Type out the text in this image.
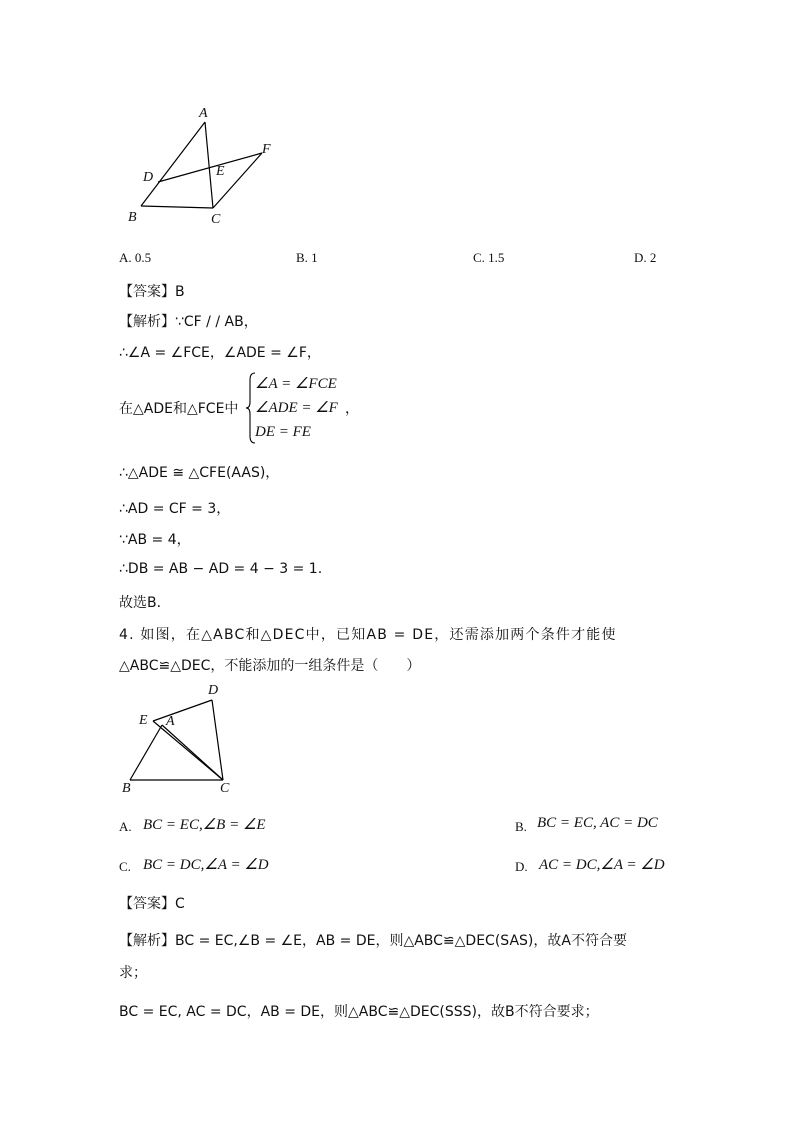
A
F
E
D
B	C
A. 0.5	B. 1	C. 1.5	D. 2
【答案】B
【解析】∵CF / / AB，
∴∠A = ∠FCE，∠ADE = ∠F，
在△ADE和△FCE中
∠A = ∠FCE
∠ADE = ∠F
DE = FE
，
∴△ADE ≅ △CFE(AAS)，
∴AD = CF = 3，
∵AB = 4，
∴DB = AB − AD = 4 − 3 = 1.
故选B．
4. 如图，在△ABC和△DEC中，已知AB = DE，还需添加两个条件才能使
△ABC≌△DEC，不能添加的一组条件是（　　）
D
E A
B	C
A. BC = EC,∠B = ∠E	B. BC = EC, AC = DC
C. BC = DC,∠A = ∠D	D. AC = DC,∠A = ∠D
【答案】C
【解析】BC = EC,∠B = ∠E，AB = DE，则△ABC≌△DEC(SAS)，故A不符合要
求；
BC = EC, AC = DC，AB = DE，则△ABC≌△DEC(SSS)，故B不符合要求；
